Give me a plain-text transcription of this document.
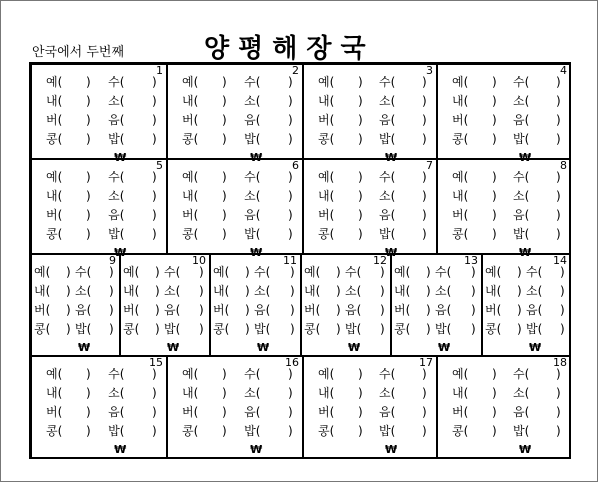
안국에서 두번째	양평해장국
1
예( ) 수( )
내( ) 소( )
버( ) 음( )
콩( ) 밥( )
₩
2
예( ) 수( )
내( ) 소( )
버( ) 음( )
콩( ) 밥( )
₩
3
예( ) 수( )
내( ) 소( )
버( ) 음( )
콩( ) 밥( )
₩
4
예( ) 수( )
내( ) 소( )
버( ) 음( )
콩( ) 밥( )
₩
5
예( ) 수( )
내( ) 소( )
버( ) 음( )
콩( ) 밥( )
₩
6
예( ) 수( )
내( ) 소( )
버( ) 음( )
콩( ) 밥( )
₩
7
예( ) 수( )
내( ) 소( )
버( ) 음( )
콩( ) 밥( )
₩
8
예( ) 수( )
내( ) 소( )
버( ) 음( )
콩( ) 밥( )
₩
9
예( ) 수( )
내( ) 소( )
버( ) 음( )
콩( ) 밥( )
₩
10
예( ) 수( )
내( ) 소( )
버( ) 음( )
콩( ) 밥( )
₩
11
예( ) 수( )
내( ) 소( )
버( ) 음( )
콩( ) 밥( )
₩
12
예( ) 수( )
내( ) 소( )
버( ) 음( )
콩( ) 밥( )
₩
13
예( ) 수( )
내( ) 소( )
버( ) 음( )
콩( ) 밥( )
₩
14
예( ) 수( )
내( ) 소( )
버( ) 음( )
콩( ) 밥( )
₩
15
예( ) 수( )
내( ) 소( )
버( ) 음( )
콩( ) 밥( )
₩
16
예( ) 수( )
내( ) 소( )
버( ) 음( )
콩( ) 밥( )
₩
17
예( ) 수( )
내( ) 소( )
버( ) 음( )
콩( ) 밥( )
₩
18
예( ) 수( )
내( ) 소( )
버( ) 음( )
콩( ) 밥( )
₩
